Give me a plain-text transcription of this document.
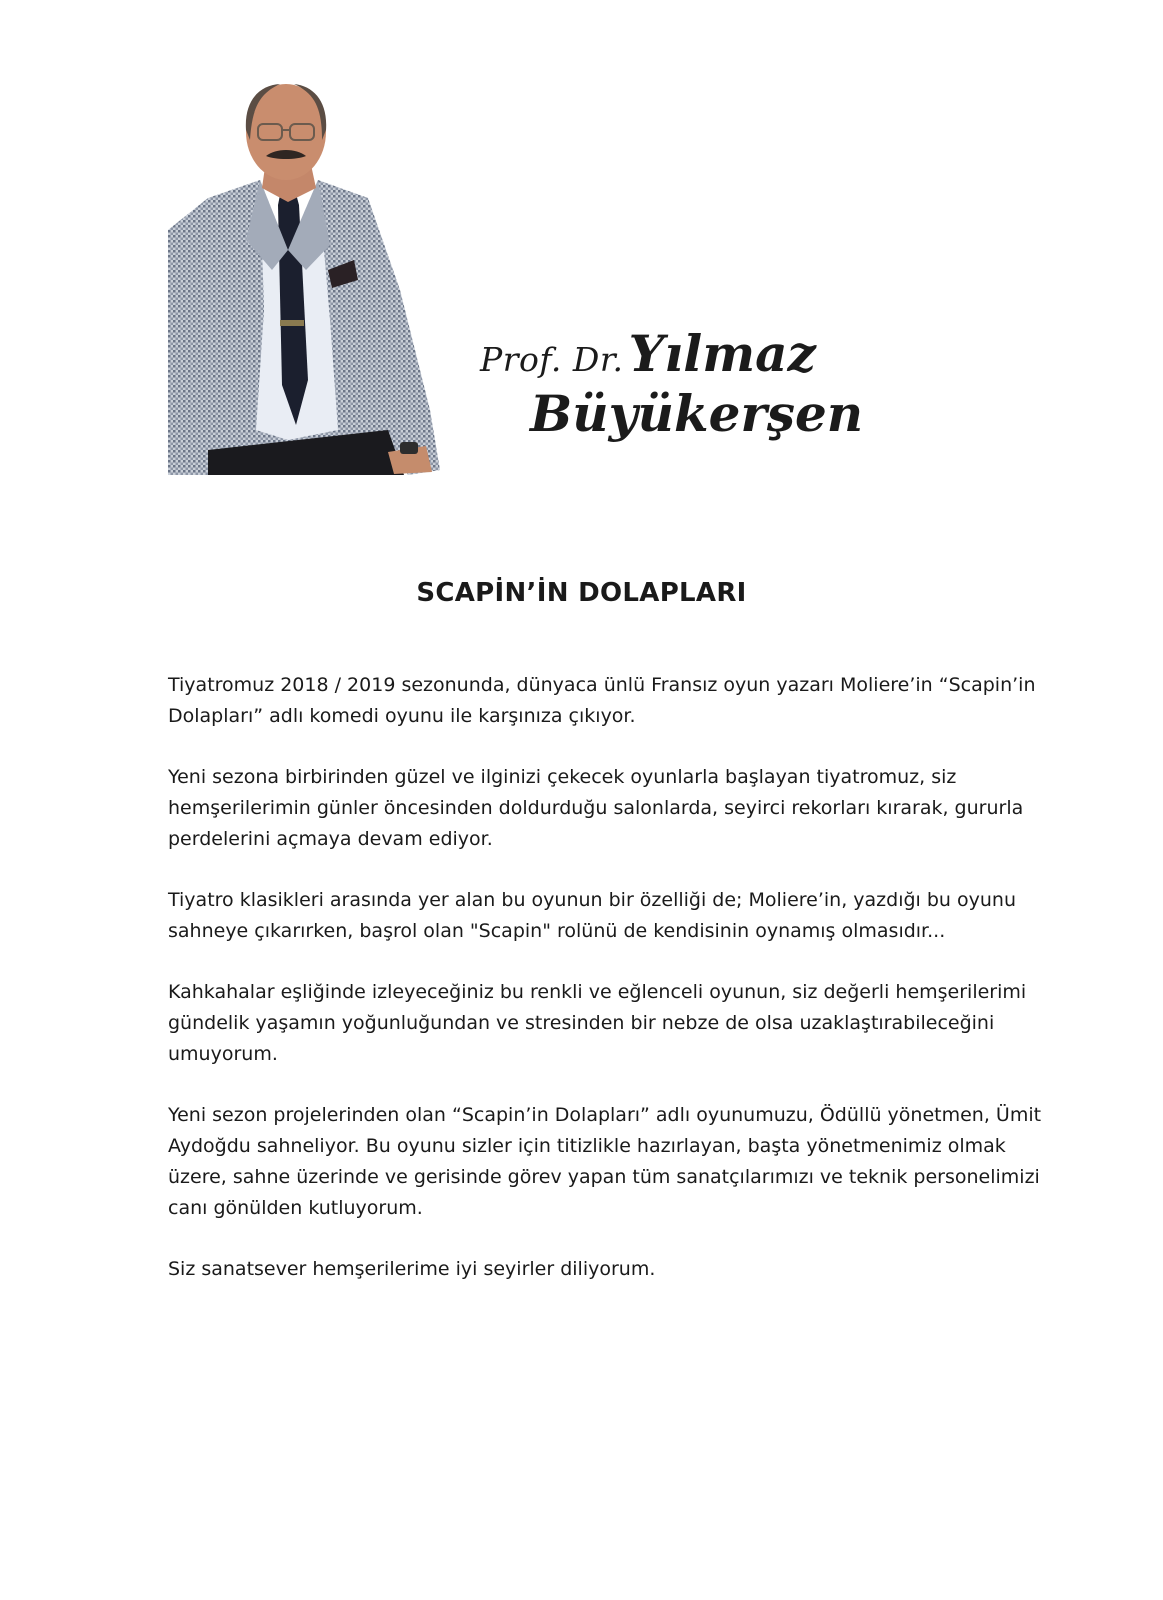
Prof. Dr. Yılmaz
Büyükerşen
SCAPİN’İN DOLAPLARI

Tiyatromuz 2018 / 2019 sezonunda, dünyaca ünlü Fransız oyun yazarı Moliere’in “Scapin’in Dolapları” adlı komedi oyunu ile karşınıza çıkıyor.

Yeni sezona birbirinden güzel ve ilginizi çekecek oyunlarla başlayan tiyatromuz, siz hemşerilerimin günler öncesinden doldurduğu salonlarda, seyirci rekorları kırarak, gururla perdelerini açmaya devam ediyor.

Tiyatro klasikleri arasında yer alan bu oyunun bir özelliği de; Moliere’in, yazdığı bu oyunu sahneye çıkarırken, başrol olan "Scapin" rolünü de kendisinin oynamış olmasıdır...

Kahkahalar eşliğinde izleyeceğiniz bu renkli ve eğlenceli oyunun, siz değerli hemşerilerimi gündelik yaşamın yoğunluğundan ve stresinden bir nebze de olsa uzaklaştırabileceğini umuyorum.

Yeni sezon projelerinden olan “Scapin’in Dolapları” adlı oyunumuzu, Ödüllü yönetmen, Ümit Aydoğdu sahneliyor. Bu oyunu sizler için titizlikle hazırlayan, başta yönetmenimiz olmak üzere, sahne üzerinde ve gerisinde görev yapan tüm sanatçılarımızı ve teknik personelimizi canı gönülden kutluyorum.

Siz sanatsever hemşerilerime iyi seyirler diliyorum.
